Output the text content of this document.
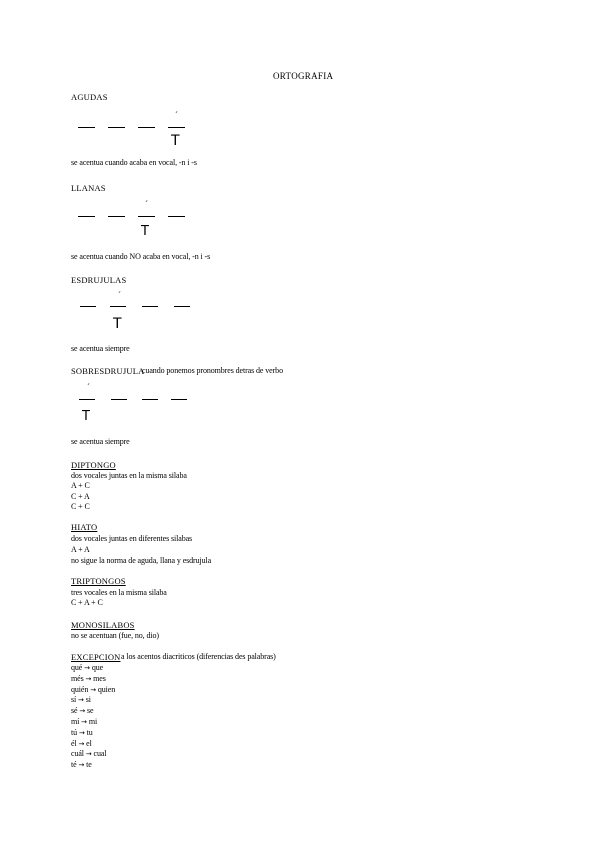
ORTOGRAFIA
AGUDAS
´
T
se acentua cuando acaba en vocal, -n i -s
LLANAS
´
T
se acentua cuando NO acaba en vocal, -n i -s
ESDRUJULAS
´
T
se acentua siempre
SOBRESDRUJULA
cuando ponemos pronombres detras de verbo
´
T
se acentua siempre
DIPTONGO
dos vocales juntas en la misma silaba
A + C
C + A
C + C
HIATO
dos vocales juntas en diferentes silabas
A + A
no sigue la norma de aguda, llana y esdrujula
TRIPTONGOS
tres vocales en la misma silaba
C + A + C
MONOSILABOS
no se acentuan (fue, no, dio)
EXCEPCION a los acentos diacriticos (diferencias des palabras)
qué → que
més → mes
quién → quien
sí → si
sé → se
mí → mi
tú → tu
él → el
cuál → cual
té → te
